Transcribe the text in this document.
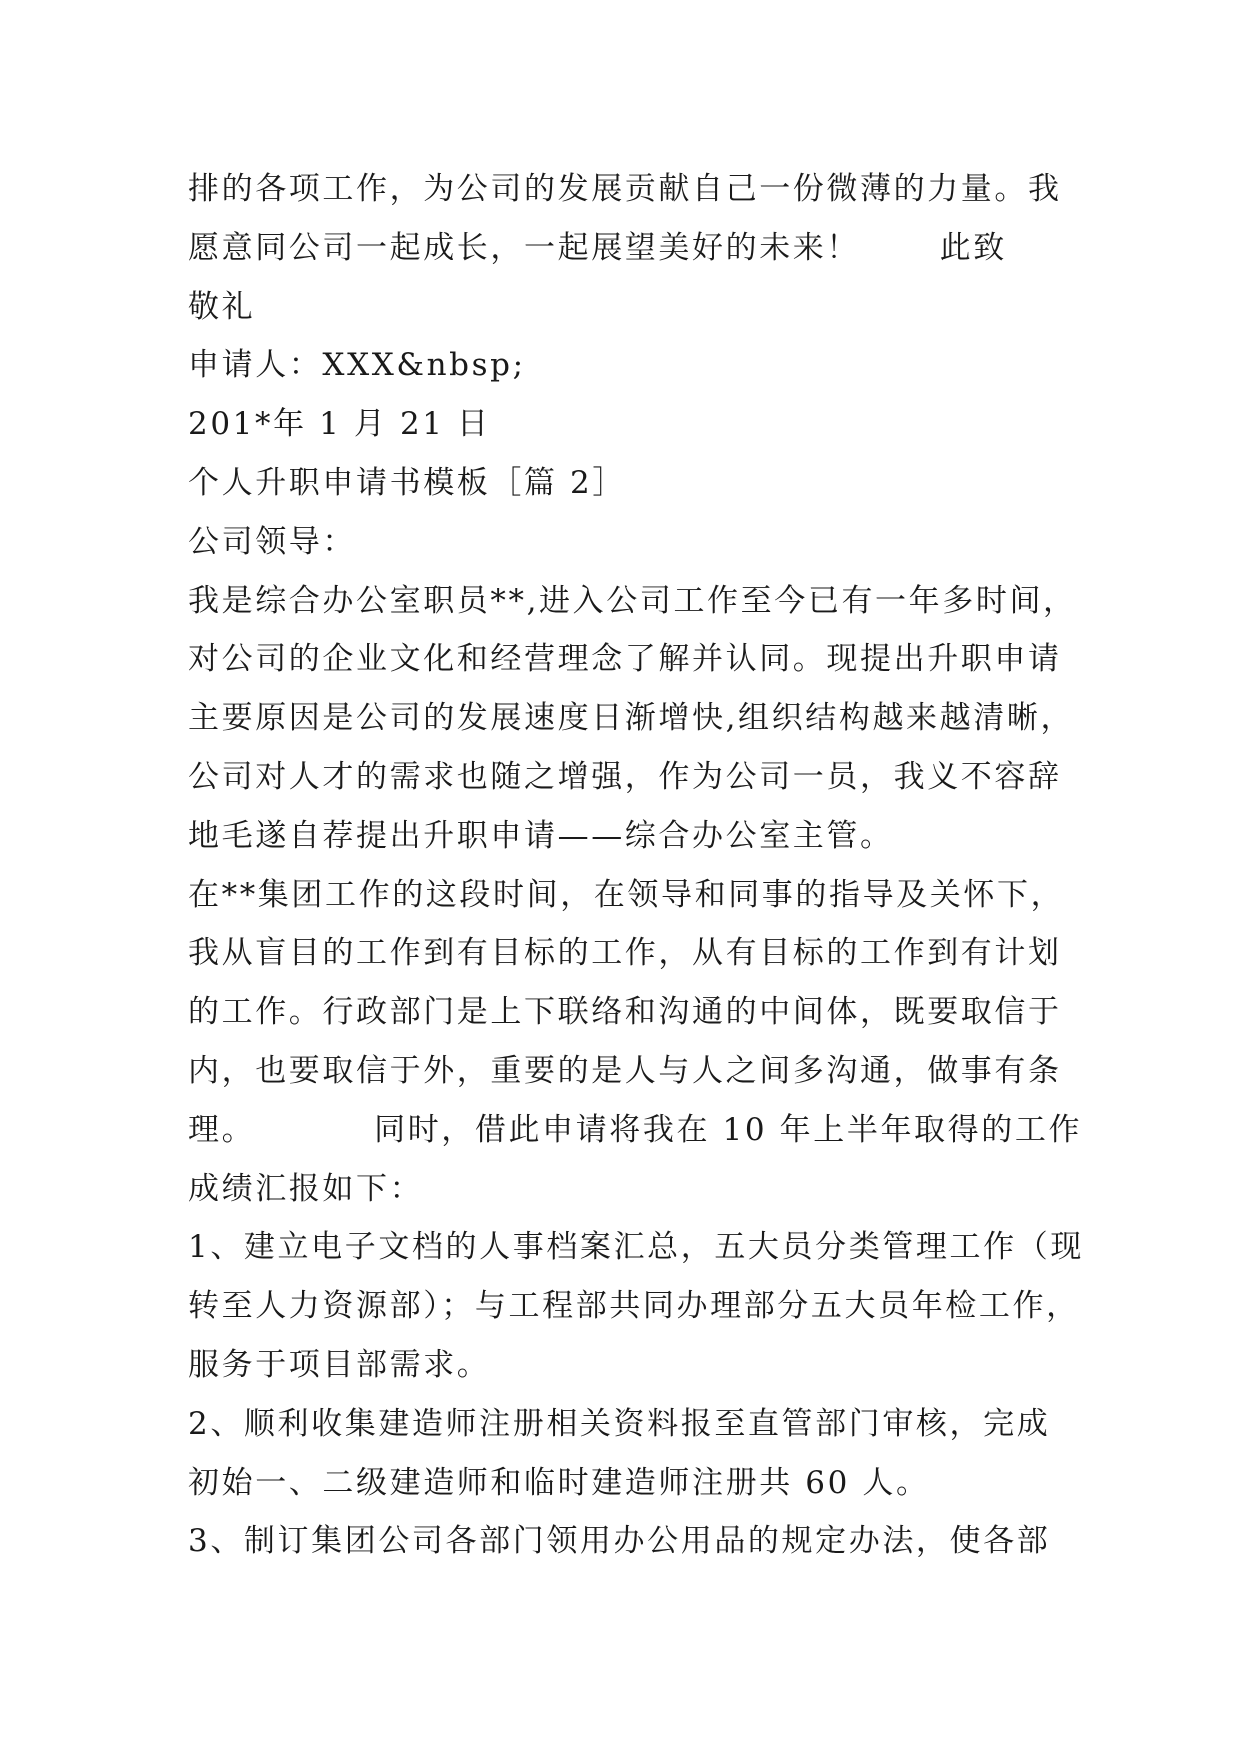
排的各项工作，为公司的发展贡献自己一份微薄的力量。我
愿意同公司一起成长，一起展望美好的未来！　　 此致
敬礼
申请人：XXX&nbsp;
201*年 1 月 21 日
个人升职申请书模板［篇 2］
公司领导：
我是综合办公室职员**,进入公司工作至今已有一年多时间，
对公司的企业文化和经营理念了解并认同。现提出升职申请
主要原因是公司的发展速度日渐增快,组织结构越来越清晰，
公司对人才的需求也随之增强，作为公司一员，我义不容辞
地毛遂自荐提出升职申请——综合办公室主管。
在**集团工作的这段时间，在领导和同事的指导及关怀下，
我从盲目的工作到有目标的工作，从有目标的工作到有计划
的工作。行政部门是上下联络和沟通的中间体，既要取信于
内，也要取信于外，重要的是人与人之间多沟通，做事有条
理。　　　　同时，借此申请将我在 10 年上半年取得的工作
成绩汇报如下：
1、建立电子文档的人事档案汇总，五大员分类管理工作（现
转至人力资源部）；与工程部共同办理部分五大员年检工作，
服务于项目部需求。
2、顺利收集建造师注册相关资料报至直管部门审核，完成
初始一、二级建造师和临时建造师注册共 60 人。
3、制订集团公司各部门领用办公用品的规定办法，使各部
